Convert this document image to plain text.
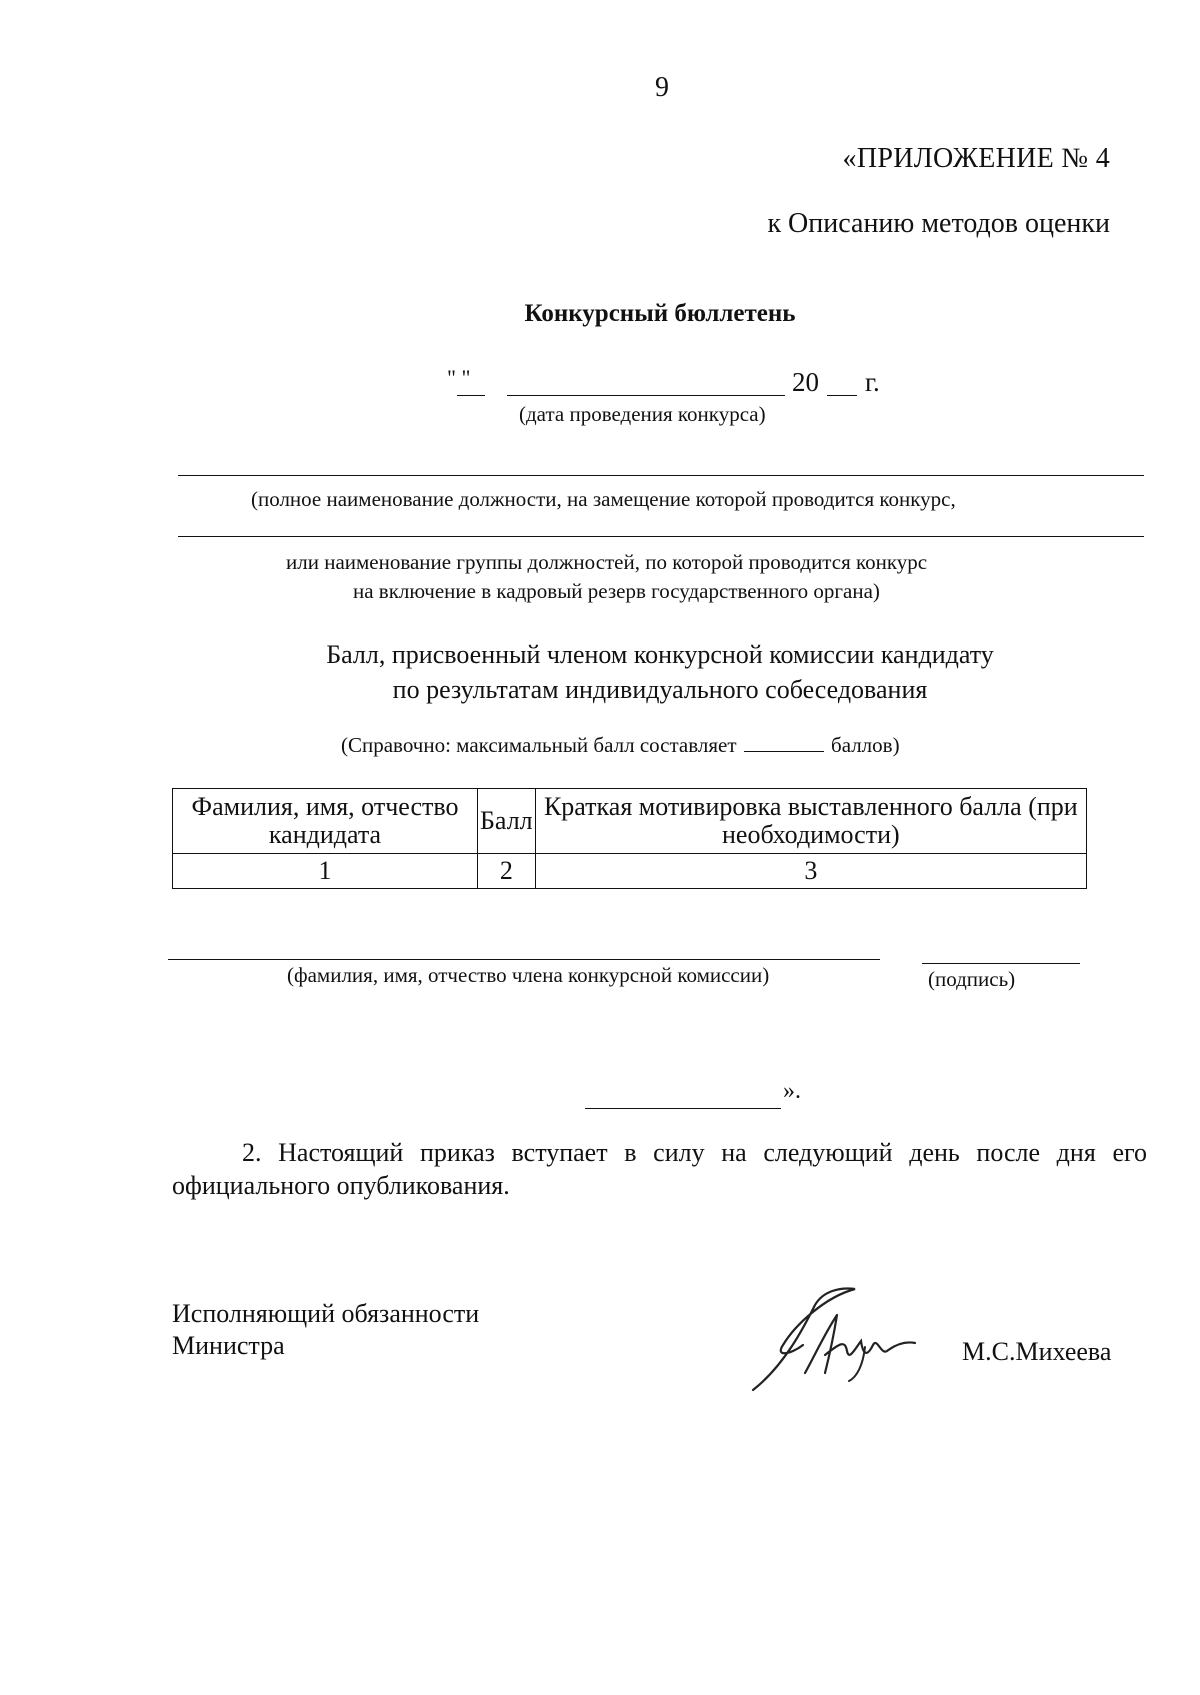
9
«ПРИЛОЖЕНИЕ № 4
к Описанию методов оценки
Конкурсный бюллетень
" "	20 г.
(дата проведения конкурса)
(полное наименование должности, на замещение которой проводится конкурс,
или наименование группы должностей, по которой проводится конкурс
на включение в кадровый резерв государственного органа)
Балл, присвоенный членом конкурсной комиссии кандидату
по результатам индивидуального собеседования
(Справочно: максимальный балл составляет	баллов)
Фамилия, имя, отчество кандидата	Балл	Краткая мотивировка выставленного балла (при необходимости)
1	2	3
(фамилия, имя, отчество члена конкурсной комиссии)	(подпись)
».
2. Настоящий приказ вступает в силу на следующий день после дня его официального опубликования.
Исполняющий обязанности
Министра	М.С.Михеева
